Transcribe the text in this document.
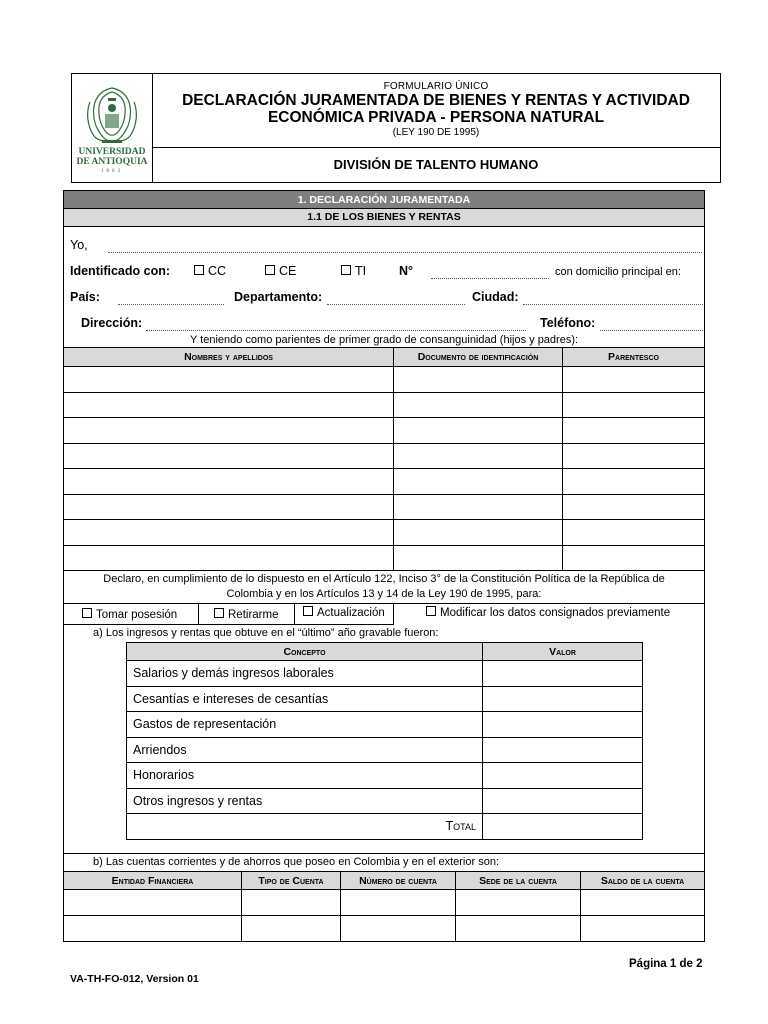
UNIVERSIDAD
DE ANTIOQUIA
1803
FORMULARIO ÚNICO
DECLARACIÓN JURAMENTADA DE BIENES Y RENTAS Y ACTIVIDAD
ECONÓMICA PRIVADA - PERSONA NATURAL
(LEY 190 DE 1995)
DIVISIÓN DE TALENTO HUMANO
1. DECLARACIÓN JURAMENTADA
1.1 DE LOS BIENES Y RENTAS
Yo,
Identificado con:	CC	CE	TI	N°	con domicilio principal en:
País:	Departamento:	Ciudad:
Dirección:	Teléfono:
Y teniendo como parientes de primer grado de consanguinidad (hijos y padres):
Nombres y apellidos	Documento de identificación	Parentesco

Declaro, en cumplimiento de lo dispuesto en el Artículo 122, Inciso 3° de la Constitución Política de la República de
Colombia y en los Artículos 13 y 14 de la Ley 190 de 1995, para:
Tomar posesión	Retirarme	Actualización	Modificar los datos consignados previamente
a) Los ingresos y rentas que obtuve en el “último” año gravable fueron:
Concepto	Valor
Salarios y demás ingresos laborales	
Cesantías e intereses de cesantías	
Gastos de representación	
Arriendos	
Honorarios	
Otros ingresos y rentas	
Total	
b) Las cuentas corrientes y de ahorros que poseo en Colombia y en el exterior son:
Entidad Financiera	Tipo de Cuenta	Número de cuenta	Sede de la cuenta	Saldo de la cuenta

Página 1 de 2
VA-TH-FO-012, Version 01
